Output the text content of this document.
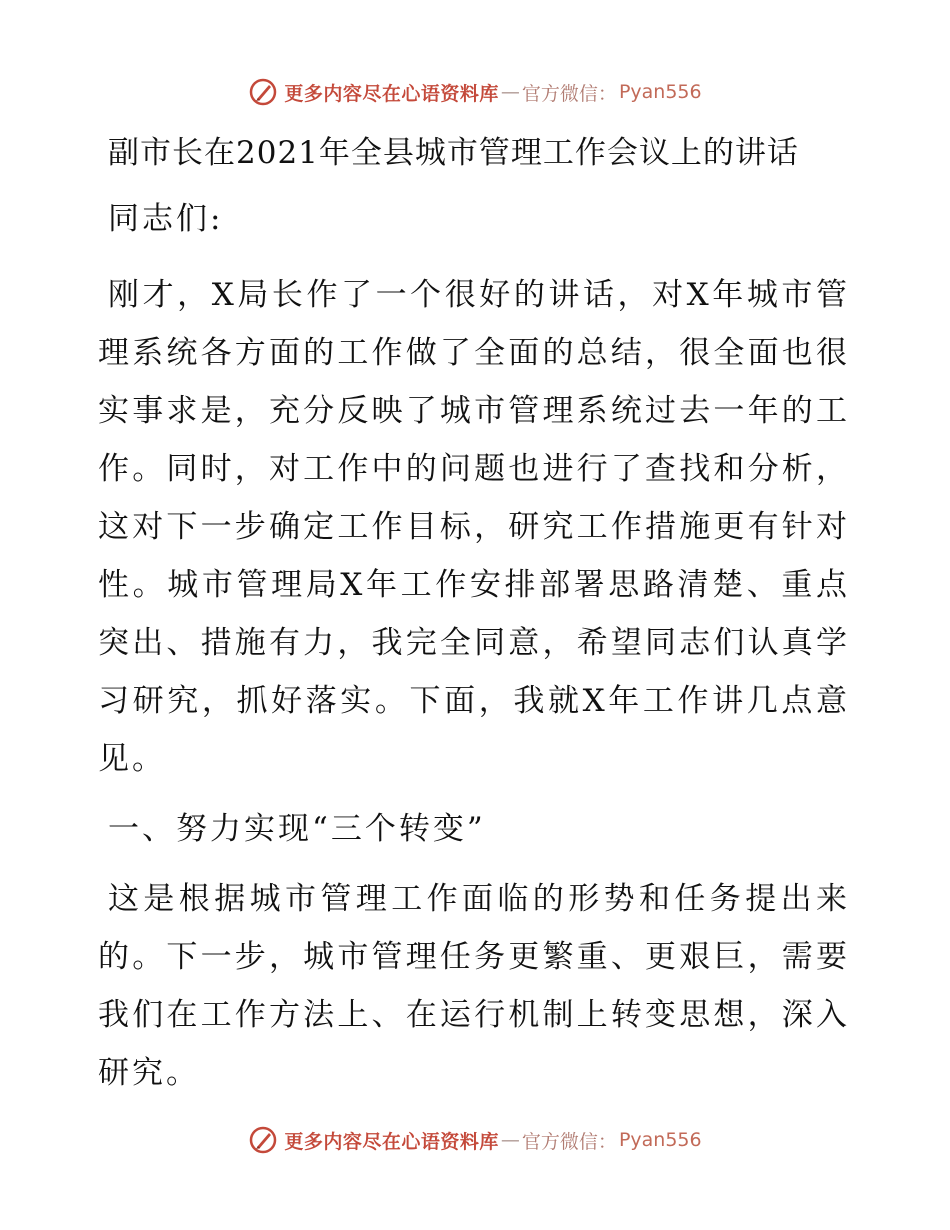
更多内容尽在心语资料库 — 官方微信： Pyan556
副市长在2021年全县城市管理工作会议上的讲话

同志们:

刚才，X局长作了一个很好的讲话，对X年城市管理系统各方面的工作做了全面的总结，很全面也很实事求是，充分反映了城市管理系统过去一年的工作。同时，对工作中的问题也进行了查找和分析，这对下一步确定工作目标，研究工作措施更有针对性。城市管理局X年工作安排部署思路清楚、重点突出、措施有力，我完全同意，希望同志们认真学习研究，抓好落实。下面，我就X年工作讲几点意见。

一、努力实现“三个转变”

这是根据城市管理工作面临的形势和任务提出来的。下一步，城市管理任务更繁重、更艰巨，需要我们在工作方法上、在运行机制上转变思想，深入研究。

更多内容尽在心语资料库 — 官方微信： Pyan556
